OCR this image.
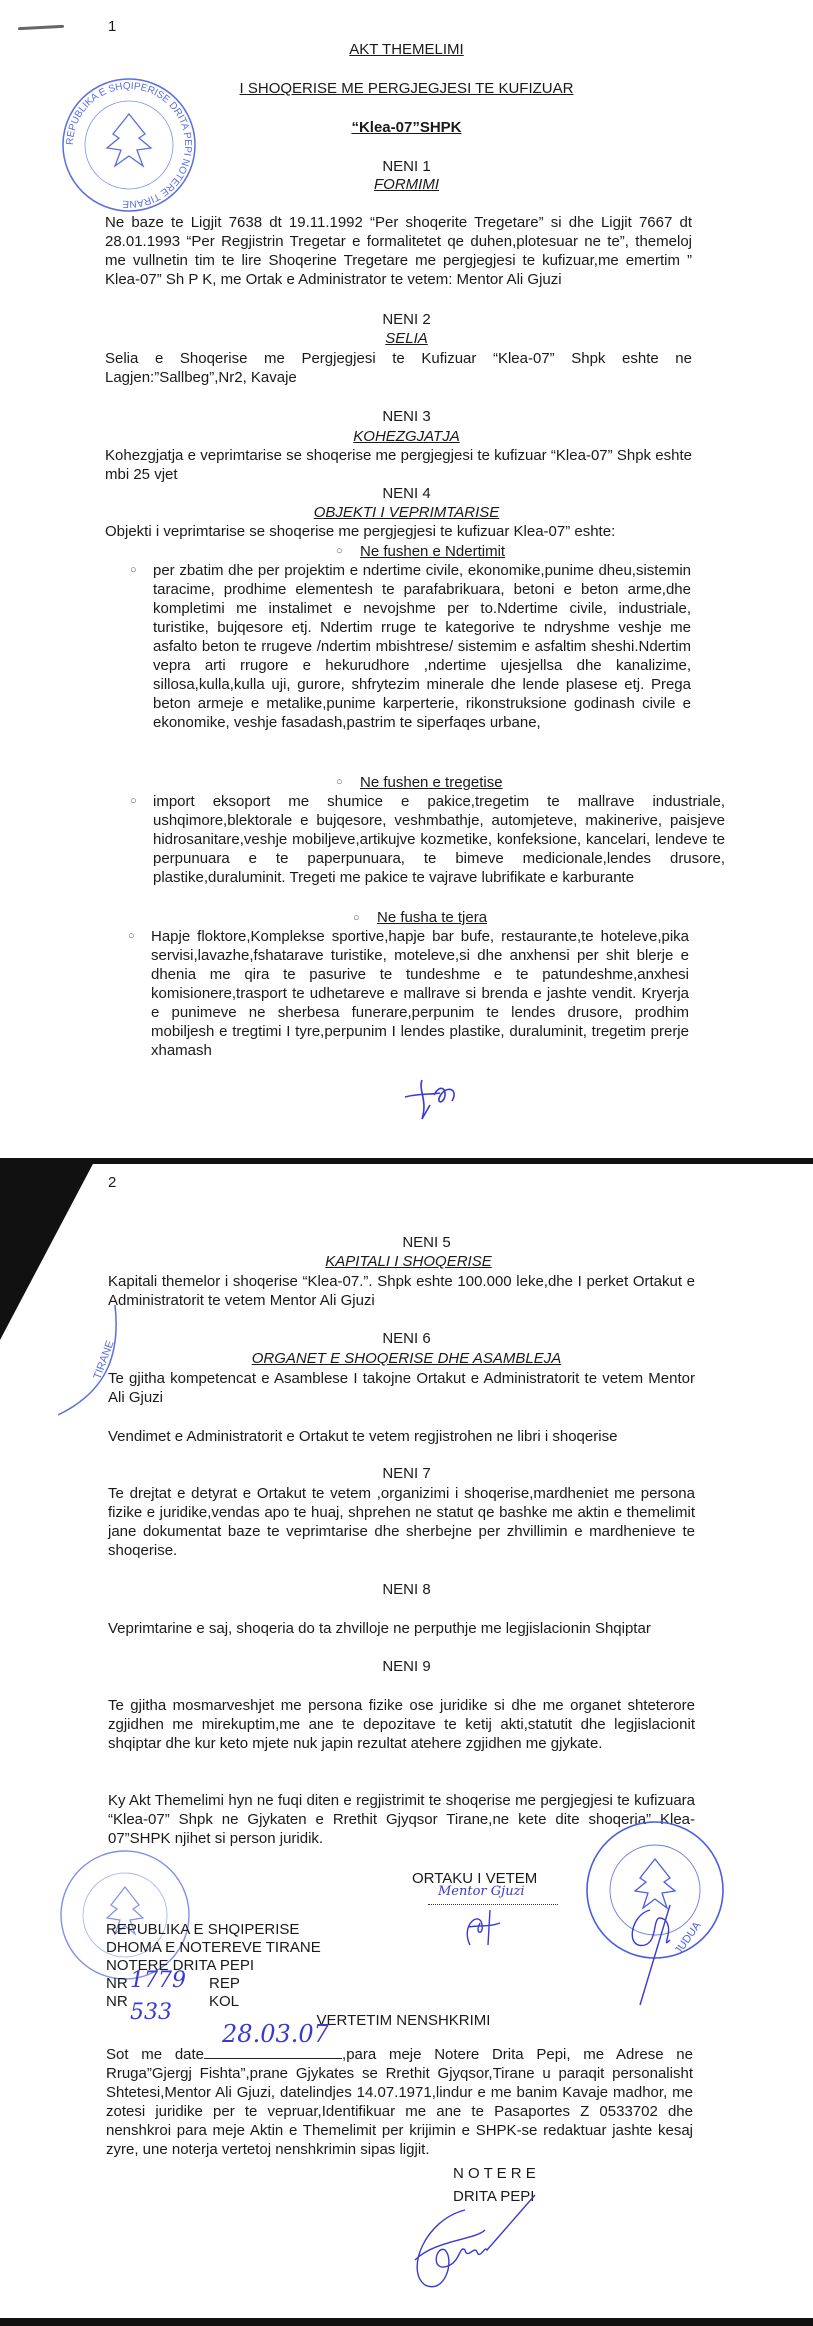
1
REPUBLIKA E SHQIPERISE DRITA PEPI NOTERE TIRANE
AKT THEMELIMI
I SHOQERISE ME PERGJEGJESI TE KUFIZUAR
“Klea-07”SHPK
NENI 1
FORMIMI
Ne baze te Ligjit 7638 dt 19.11.1992 “Per shoqerite Tregetare” si dhe Ligjit 7667 dt 28.01.1993 “Per Regjistrin Tregetar e formalitetet qe duhen,plotesuar ne te”, themeloj me vullnetin tim te lire Shoqerine Tregetare me pergjegjesi te kufizuar,me emertim ” Klea-07” Sh P K, me Ortak e Administrator te vetem: Mentor Ali Gjuzi
NENI 2
SELIA
Selia e Shoqerise me Pergjegjesi te Kufizuar “Klea-07” Shpk eshte ne Lagjen:”Sallbeg”,Nr2, Kavaje
NENI 3
KOHEZGJATJA
Kohezgjatja e veprimtarise se shoqerise me pergjegjesi te kufizuar “Klea-07” Shpk eshte mbi 25 vjet
NENI 4
OBJEKTI I VEPRIMTARISE
Objekti i veprimtarise se shoqerise me pergjegjesi te kufizuar Klea-07” eshte:
○ Ne fushen e Ndertimit
○ per zbatim dhe per projektim e ndertime civile, ekonomike,punime dheu,sistemin taracime, prodhime elementesh te parafabrikuara, betoni e beton arme,dhe kompletimi me instalimet e nevojshme per to.Ndertime civile, industriale, turistike, bujqesore etj. Ndertim rruge te kategorive te ndryshme veshje me asfalto beton te rrugeve /ndertim mbishtrese/ sistemim e asfaltim sheshi.Ndertim vepra arti rrugore e hekurudhore ,ndertime ujesjellsa dhe kanalizime, sillosa,kulla,kulla uji, gurore, shfrytezim minerale dhe lende plasese etj. Prega beton armeje e metalike,punime karperterie, rikonstruksione godinash civile e ekonomike, veshje fasadash,pastrim te siperfaqes urbane,
○ Ne fushen e tregetise
○ import eksoport me shumice e pakice,tregetim te mallrave industriale, ushqimore,blektorale e bujqesore, veshmbathje, automjeteve, makinerive, paisjeve hidrosanitare,veshje mobiljeve,artikujve kozmetike, konfeksione, kancelari, lendeve te perpunuara e te paperpunuara, te bimeve medicionale,lendes drusore, plastike,duraluminit. Tregeti me pakice te vajrave lubrifikate e karburante
○ Ne fusha te tjera
○ Hapje floktore,Komplekse sportive,hapje bar bufe, restaurante,te hoteleve,pika servisi,lavazhe,fshatarave turistike, moteleve,si dhe anxhensi per shit blerje e dhenia me qira te pasurive te tundeshme e te patundeshme,anxhesi komisionere,trasport te udhetareve e mallrave si brenda e jashte vendit. Kryerja e punimeve ne sherbesa funerare,perpunim te lendes drusore, prodhim mobiljesh e tregtimi I tyre,perpunim I lendes plastike, duraluminit, tregetim prerje xhamash
2
NENI 5
KAPITALI I SHOQERISE
Kapitali themelor i shoqerise “Klea-07.”. Shpk eshte 100.000 leke,dhe I perket Ortakut e Administratorit te vetem Mentor Ali Gjuzi
TIRANE
NENI 6
ORGANET E SHOQERISE DHE ASAMBLEJA
Te gjitha kompetencat e Asamblese I takojne Ortakut e Administratorit te vetem Mentor Ali Gjuzi
Vendimet e Administratorit e Ortakut te vetem regjistrohen ne libri i shoqerise
NENI 7
Te drejtat e detyrat e Ortakut te vetem ,organizimi i shoqerise,mardheniet me persona fizike e juridike,vendas apo te huaj, shprehen ne statut qe bashke me aktin e themelimit jane dokumentat baze te veprimtarise dhe sherbejne per zhvillimin e mardhenieve te shoqerise.
NENI 8
Veprimtarine e saj, shoqeria do ta zhvilloje ne perputhje me legjislacionin Shqiptar
NENI 9
Te gjitha mosmarveshjet me persona fizike ose juridike si dhe me organet shteterore zgjidhen me mirekuptim,me ane te depozitave te ketij akti,statutit dhe legjislacionit shqiptar dhe kur keto mjete nuk japin rezultat atehere zgjidhen me gjykate.
Ky Akt Themelimi hyn ne fuqi diten e regjistrimit te shoqerise me pergjegjesi te kufizuara “Klea-07” Shpk ne Gjykaten e Rrethit Gjyqsor Tirane,ne kete dite shoqeria” Klea-07”SHPK njihet si person juridik.
JUDUA
ORTAKU I VETEM
Mentor Gjuzi
REPUBLIKA E SHQIPERISE
DHOMA E NOTEREVE TIRANE
NOTERE DRITA PEPI
NR 1779 REP
NR 533 KOL
VERTETIM NENSHKRIMI
Sot me date
28.03.07
,para meje Notere Drita Pepi, me Adrese ne Rruga”Gjergj Fishta”,prane Gjykates se Rrethit Gjyqsor,Tirane u paraqit personalisht Shtetesi,Mentor Ali Gjuzi, datelindjes 14.07.1971,lindur e me banim Kavaje madhor, me zotesi juridike per te vepruar,Identifikuar me ane te Pasaportes Z 0533702 dhe nenshkroi para meje Aktin e Themelimit per krijimin e SHPK-se redaktuar jashte kesaj zyre, une noterja vertetoj nenshkrimin sipas ligjit.
N O T E R E
DRITA PEPI
